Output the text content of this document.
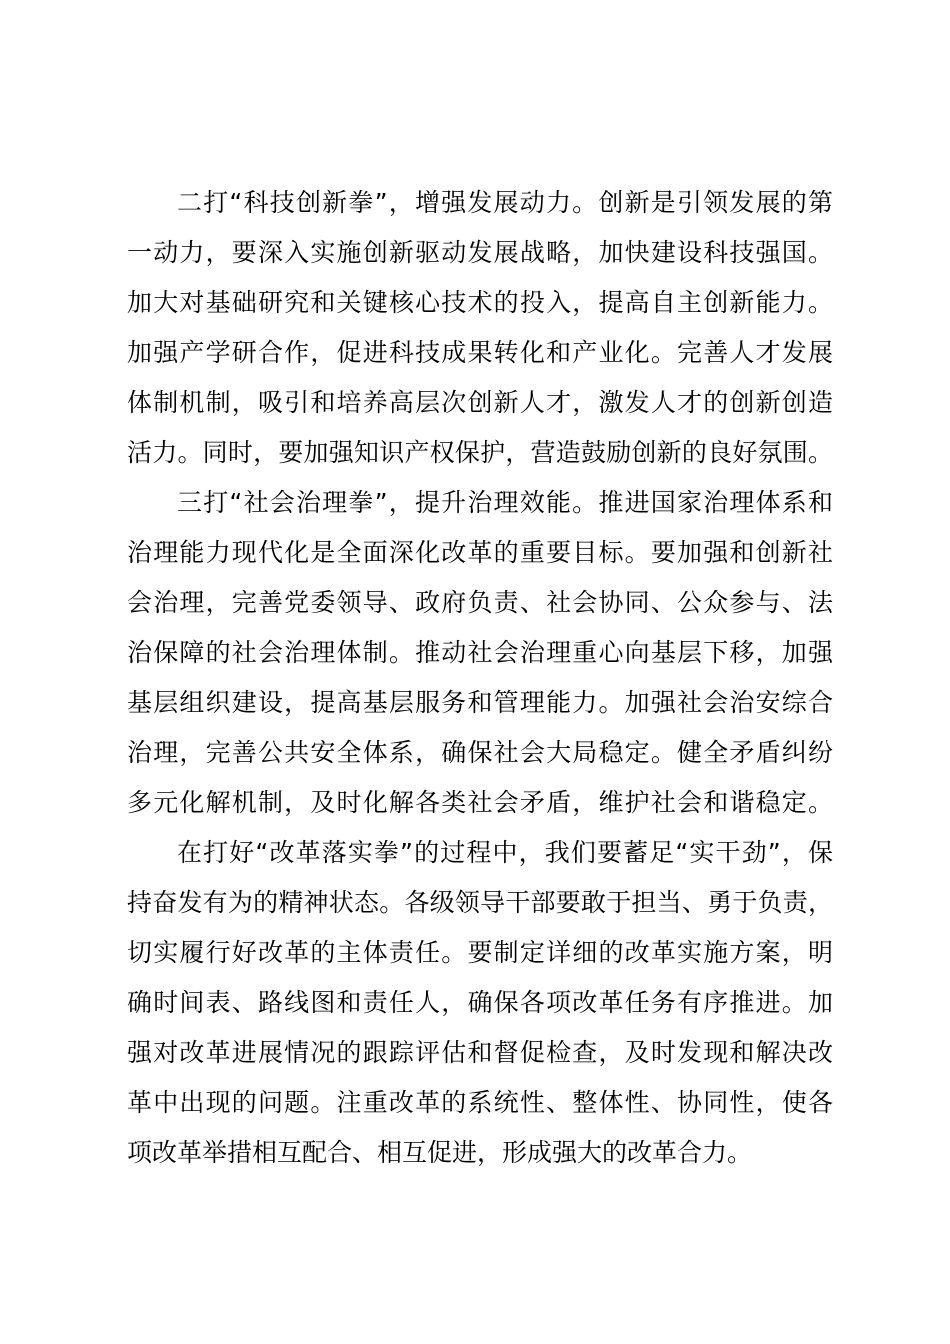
二打“科技创新拳”，增强发展动力。创新是引领发展的第
一动力，要深入实施创新驱动发展战略，加快建设科技强国。
加大对基础研究和关键核心技术的投入，提高自主创新能力。
加强产学研合作，促进科技成果转化和产业化。完善人才发展
体制机制，吸引和培养高层次创新人才，激发人才的创新创造
活力。同时，要加强知识产权保护，营造鼓励创新的良好氛围。
三打“社会治理拳”，提升治理效能。推进国家治理体系和
治理能力现代化是全面深化改革的重要目标。要加强和创新社
会治理，完善党委领导、政府负责、社会协同、公众参与、法
治保障的社会治理体制。推动社会治理重心向基层下移，加强
基层组织建设，提高基层服务和管理能力。加强社会治安综合
治理，完善公共安全体系，确保社会大局稳定。健全矛盾纠纷
多元化解机制，及时化解各类社会矛盾，维护社会和谐稳定。
在打好“改革落实拳”的过程中，我们要蓄足“实干劲”，保
持奋发有为的精神状态。各级领导干部要敢于担当、勇于负责，
切实履行好改革的主体责任。要制定详细的改革实施方案，明
确时间表、路线图和责任人，确保各项改革任务有序推进。加
强对改革进展情况的跟踪评估和督促检查，及时发现和解决改
革中出现的问题。注重改革的系统性、整体性、协同性，使各
项改革举措相互配合、相互促进，形成强大的改革合力。
